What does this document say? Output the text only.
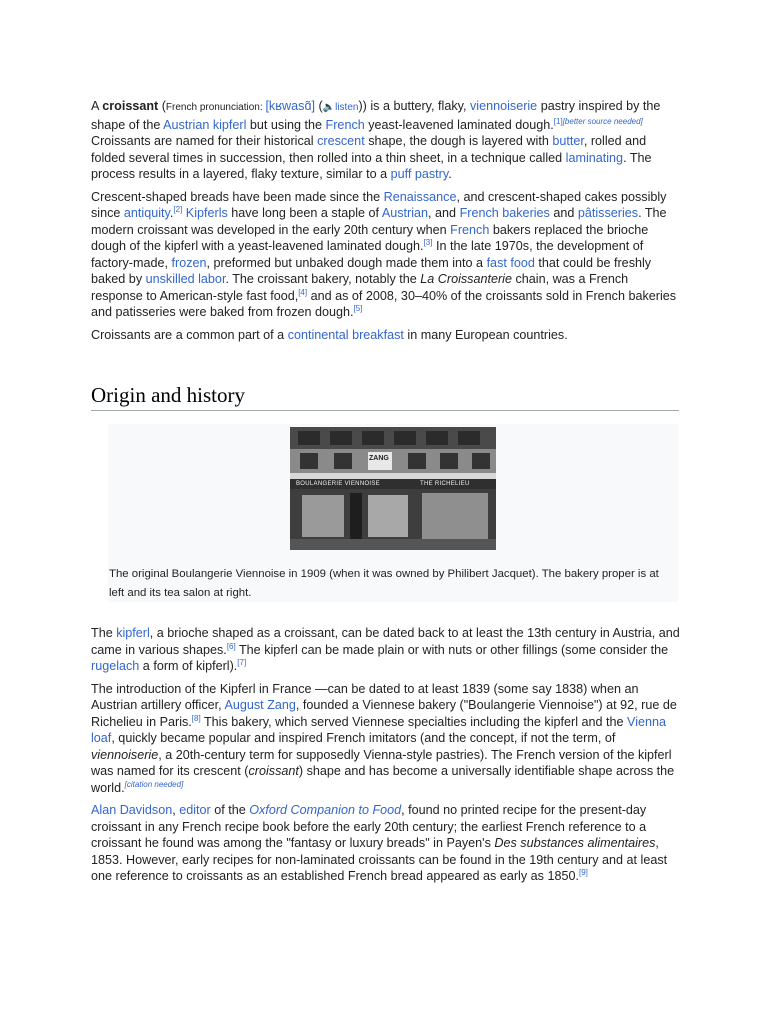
A croissant (French pronunciation: [kʁwasɑ̃] (🔈listen)) is a buttery, flaky, viennoiserie pastry inspired by the shape of the Austrian kipferl but using the French yeast-leavened laminated dough.[1][better source needed] Croissants are named for their historical crescent shape, the dough is layered with butter, rolled and folded several times in succession, then rolled into a thin sheet, in a technique called laminating. The process results in a layered, flaky texture, similar to a puff pastry.

Crescent-shaped breads have been made since the Renaissance, and crescent-shaped cakes possibly since antiquity.[2] Kipferls have long been a staple of Austrian, and French bakeries and pâtisseries. The modern croissant was developed in the early 20th century when French bakers replaced the brioche dough of the kipferl with a yeast-leavened laminated dough.[3] In the late 1970s, the development of factory-made, frozen, preformed but unbaked dough made them into a fast food that could be freshly baked by unskilled labor. The croissant bakery, notably the La Croissanterie chain, was a French response to American-style fast food,[4] and as of 2008, 30–40% of the croissants sold in French bakeries and patisseries were baked from frozen dough.[5]

Croissants are a common part of a continental breakfast in many European countries.

Origin and history
ZANG
BOULANGERIE VIENNOISE	THE RICHELIEU
The original Boulangerie Viennoise in 1909 (when it was owned by Philibert Jacquet). The bakery proper is at left and its tea salon at right.

The kipferl, a brioche shaped as a croissant, can be dated back to at least the 13th century in Austria, and came in various shapes.[6] The kipferl can be made plain or with nuts or other fillings (some consider the rugelach a form of kipferl).[7]

The introduction of the Kipferl in France —can be dated to at least 1839 (some say 1838) when an Austrian artillery officer, August Zang, founded a Viennese bakery ("Boulangerie Viennoise") at 92, rue de Richelieu in Paris.[8] This bakery, which served Viennese specialties including the kipferl and the Vienna loaf, quickly became popular and inspired French imitators (and the concept, if not the term, of viennoiserie, a 20th-century term for supposedly Vienna-style pastries). The French version of the kipferl was named for its crescent (croissant) shape and has become a universally identifiable shape across the world.[citation needed]

Alan Davidson, editor of the Oxford Companion to Food, found no printed recipe for the present-day croissant in any French recipe book before the early 20th century; the earliest French reference to a croissant he found was among the "fantasy or luxury breads" in Payen's Des substances alimentaires, 1853. However, early recipes for non-laminated croissants can be found in the 19th century and at least one reference to croissants as an established French bread appeared as early as 1850.[9]
